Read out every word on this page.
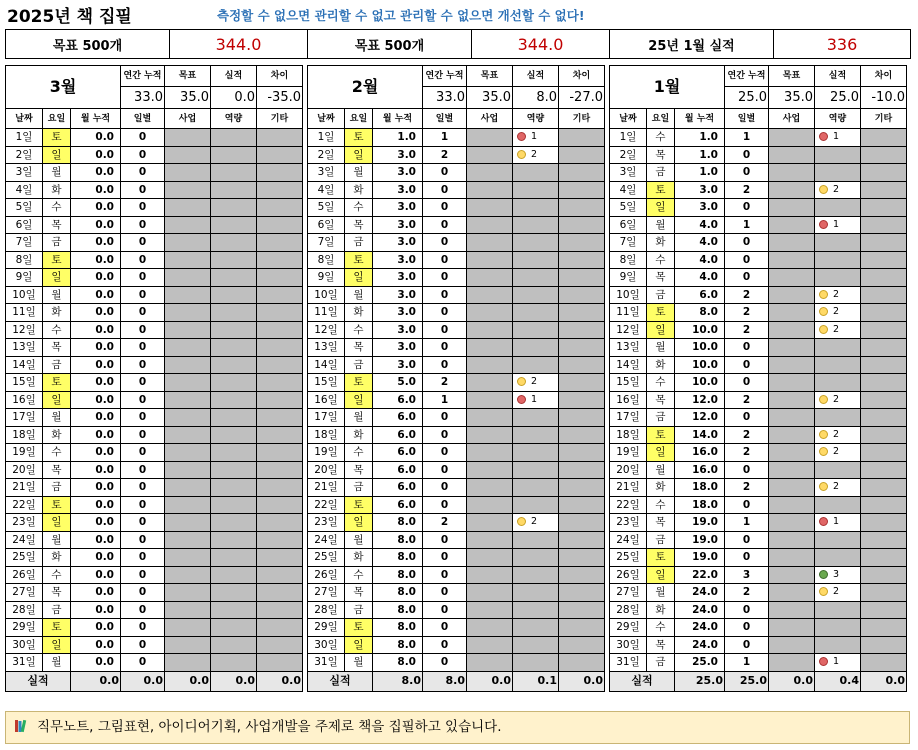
2025년 책 집필	측정할 수 없으면 관리할 수 없고 관리할 수 없으면 개선할 수 없다!
목표 500개	344.0	목표 500개	344.0	25년 1월 실적	336
3월			연간 누적	목표	실적	차이
			33.0	35.0	0.0	-35.0
날짜	요일	월 누적	일별	사업	역량	기타
1일	토	0.0	0			
2일	일	0.0	0			
3일	월	0.0	0			
4일	화	0.0	0			
5일	수	0.0	0			
6일	목	0.0	0			
7일	금	0.0	0			
8일	토	0.0	0			
9일	일	0.0	0			
10일	월	0.0	0			
11일	화	0.0	0			
12일	수	0.0	0			
13일	목	0.0	0			
14일	금	0.0	0			
15일	토	0.0	0			
16일	일	0.0	0			
17일	월	0.0	0			
18일	화	0.0	0			
19일	수	0.0	0			
20일	목	0.0	0			
21일	금	0.0	0			
22일	토	0.0	0			
23일	일	0.0	0			
24일	월	0.0	0			
25일	화	0.0	0			
26일	수	0.0	0			
27일	목	0.0	0			
28일	금	0.0	0			
29일	토	0.0	0			
30일	일	0.0	0			
31일	월	0.0	0			
실적		0.0	0.0	0.0	0.0	0.0
2월			연간 누적	목표	실적	차이
			33.0	35.0	8.0	-27.0
날짜	요일	월 누적	일별	사업	역량	기타
1일	토	1.0	1		1	
2일	일	3.0	2		2	
3일	월	3.0	0			
4일	화	3.0	0			
5일	수	3.0	0			
6일	목	3.0	0			
7일	금	3.0	0			
8일	토	3.0	0			
9일	일	3.0	0			
10일	월	3.0	0			
11일	화	3.0	0			
12일	수	3.0	0			
13일	목	3.0	0			
14일	금	3.0	0			
15일	토	5.0	2		2	
16일	일	6.0	1		1	
17일	월	6.0	0			
18일	화	6.0	0			
19일	수	6.0	0			
20일	목	6.0	0			
21일	금	6.0	0			
22일	토	6.0	0			
23일	일	8.0	2		2	
24일	월	8.0	0			
25일	화	8.0	0			
26일	수	8.0	0			
27일	목	8.0	0			
28일	금	8.0	0			
29일	토	8.0	0			
30일	일	8.0	0			
31일	월	8.0	0			
실적		8.0	8.0	0.0	0.1	0.0
1월			연간 누적	목표	실적	차이
			25.0	35.0	25.0	-10.0
날짜	요일	월 누적	일별	사업	역량	기타
1일	수	1.0	1		1	
2일	목	1.0	0			
3일	금	1.0	0			
4일	토	3.0	2		2	
5일	일	3.0	0			
6일	월	4.0	1		1	
7일	화	4.0	0			
8일	수	4.0	0			
9일	목	4.0	0			
10일	금	6.0	2		2	
11일	토	8.0	2		2	
12일	일	10.0	2		2	
13일	월	10.0	0			
14일	화	10.0	0			
15일	수	10.0	0			
16일	목	12.0	2		2	
17일	금	12.0	0			
18일	토	14.0	2		2	
19일	일	16.0	2		2	
20일	월	16.0	0			
21일	화	18.0	2		2	
22일	수	18.0	0			
23일	목	19.0	1		1	
24일	금	19.0	0			
25일	토	19.0	0			
26일	일	22.0	3		3	
27일	월	24.0	2		2	
28일	화	24.0	0			
29일	수	24.0	0			
30일	목	24.0	0			
31일	금	25.0	1		1	
실적		25.0	25.0	0.0	0.4	0.0
직무노트, 그림표현, 아이디어기획, 사업개발을 주제로 책을 집필하고 있습니다.
